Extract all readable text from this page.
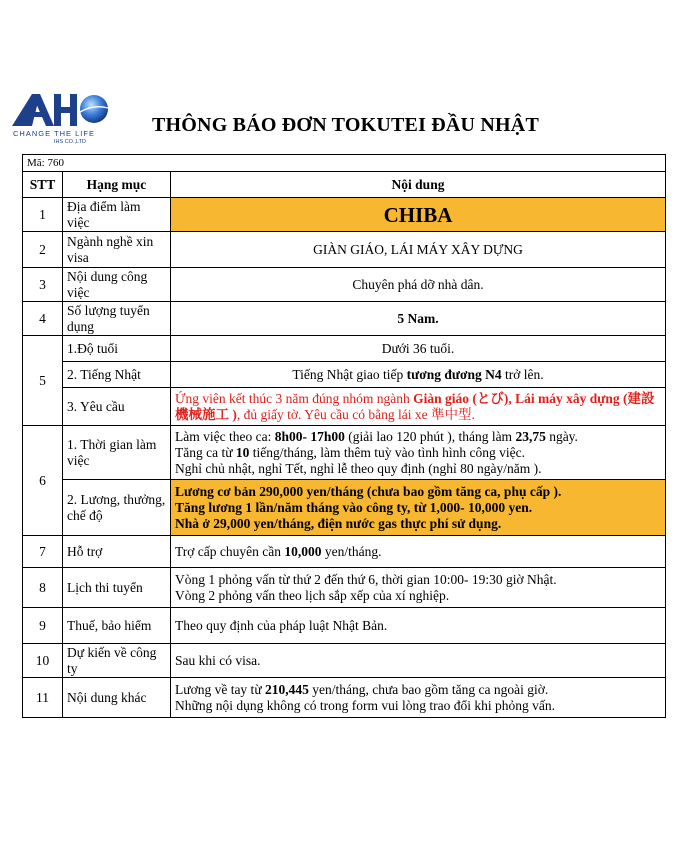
CHANGE THE LIFE
IHS CO.,LTD
THÔNG BÁO ĐƠN TOKUTEI ĐẦU NHẬT
Mã: 760		
STT	Hạng mục	Nội dung
1	Địa điểm làm việc	CHIBA
2	Ngành nghề xin visa	GIÀN GIÁO, LÁI MÁY XÂY DỰNG
3	Nội dung công việc	Chuyên phá dỡ nhà dân.
4	Số lượng tuyển dụng	5 Nam.
5	1.Độ tuổi	Dưới 36 tuổi.
	2. Tiếng Nhật	Tiếng Nhật giao tiếp tương đương N4 trở lên.
	3. Yêu cầu	Ứng viên kết thúc 3 năm đúng nhóm ngành Giàn giáo (とび), Lái máy xây dựng (建設機械施工 ), đủ giấy tờ. Yêu cầu có bằng lái xe 準中型.
6	1. Thời gian làm việc	Làm việc theo ca: 8h00- 17h00 (giải lao 120 phút ), tháng làm 23,75 ngày.
Tăng ca từ 10 tiếng/tháng, làm thêm tuỳ vào tình hình công việc.
Nghỉ chủ nhật, nghỉ Tết, nghỉ lễ theo quy định (nghỉ 80 ngày/năm ).

	2. Lương, thưởng, chế độ	Lương cơ bản 290,000 yen/tháng (chưa bao gồm tăng ca, phụ cấp ).
Tăng lương 1 lần/năm tháng vào công ty, từ 1,000- 10,000 yen.
Nhà ở 29,000 yen/tháng, điện nước gas thực phí sử dụng.

7	Hỗ trợ	Trợ cấp chuyên cần 10,000 yen/tháng.
8	Lịch thi tuyển	Vòng 1 phỏng vấn từ thứ 2 đến thứ 6, thời gian 10:00- 19:30 giờ Nhật.
Vòng 2 phỏng vấn theo lịch sắp xếp của xí nghiệp.

9	Thuế, bảo hiểm	Theo quy định của pháp luật Nhật Bản.
10	Dự kiến về công ty	Sau khi có visa.
11	Nội dung khác	Lương về tay từ 210,445 yen/tháng, chưa bao gồm tăng ca ngoài giờ.
Những nội dụng không có trong form vui lòng trao đổi khi phỏng vấn.
